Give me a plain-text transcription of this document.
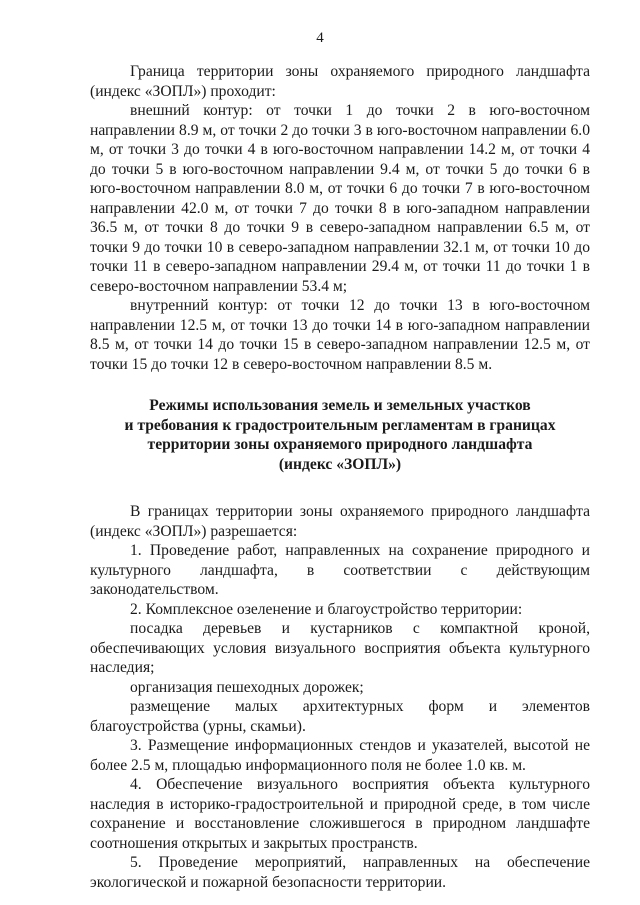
4

Граница территории зоны охраняемого природного ландшафта (индекс «ЗОПЛ») проходит:

внешний контур: от точки 1 до точки 2 в юго-восточном направлении 8.9 м, от точки 2 до точки 3 в юго-восточном направлении 6.0 м, от точки 3 до точки 4 в юго-восточном направлении 14.2 м, от точки 4 до точки 5 в юго-восточном направлении 9.4 м, от точки 5 до точки 6 в юго-восточном направлении 8.0 м, от точки 6 до точки 7 в юго-восточном направлении 42.0 м, от точки 7 до точки 8 в юго-западном направлении 36.5 м, от точки 8 до точки 9 в северо-западном направлении 6.5 м, от точки 9 до точки 10 в северо-западном направлении 32.1 м, от точки 10 до точки 11 в северо-западном направлении 29.4 м, от точки 11 до точки 1 в северо-восточном направлении 53.4 м;

внутренний контур: от точки 12 до точки 13 в юго-восточном направлении 12.5 м, от точки 13 до точки 14 в юго-западном направлении 8.5 м, от точки 14 до точки 15 в северо-западном направлении 12.5 м, от точки 15 до точки 12 в северо-восточном направлении 8.5 м.

Режимы использования земель и земельных участков
и требования к градостроительным регламентам в границах
территории зоны охраняемого природного ландшафта
(индекс «ЗОПЛ»)

В границах территории зоны охраняемого природного ландшафта (индекс «ЗОПЛ») разрешается:

1. Проведение работ, направленных на сохранение природного и культурного ландшафта, в соответствии с действующим законодательством.

2. Комплексное озеленение и благоустройство территории:

посадка деревьев и кустарников с компактной кроной, обеспечивающих условия визуального восприятия объекта культурного наследия;

организация пешеходных дорожек;

размещение малых архитектурных форм и элементов благоустройства (урны, скамьи).

3. Размещение информационных стендов и указателей, высотой не более 2.5 м, площадью информационного поля не более 1.0 кв. м.

4. Обеспечение визуального восприятия объекта культурного наследия в историко-градостроительной и природной среде, в том числе сохранение и восстановление сложившегося в природном ландшафте соотношения открытых и закрытых пространств.

5. Проведение мероприятий, направленных на обеспечение экологической и пожарной безопасности территории.
